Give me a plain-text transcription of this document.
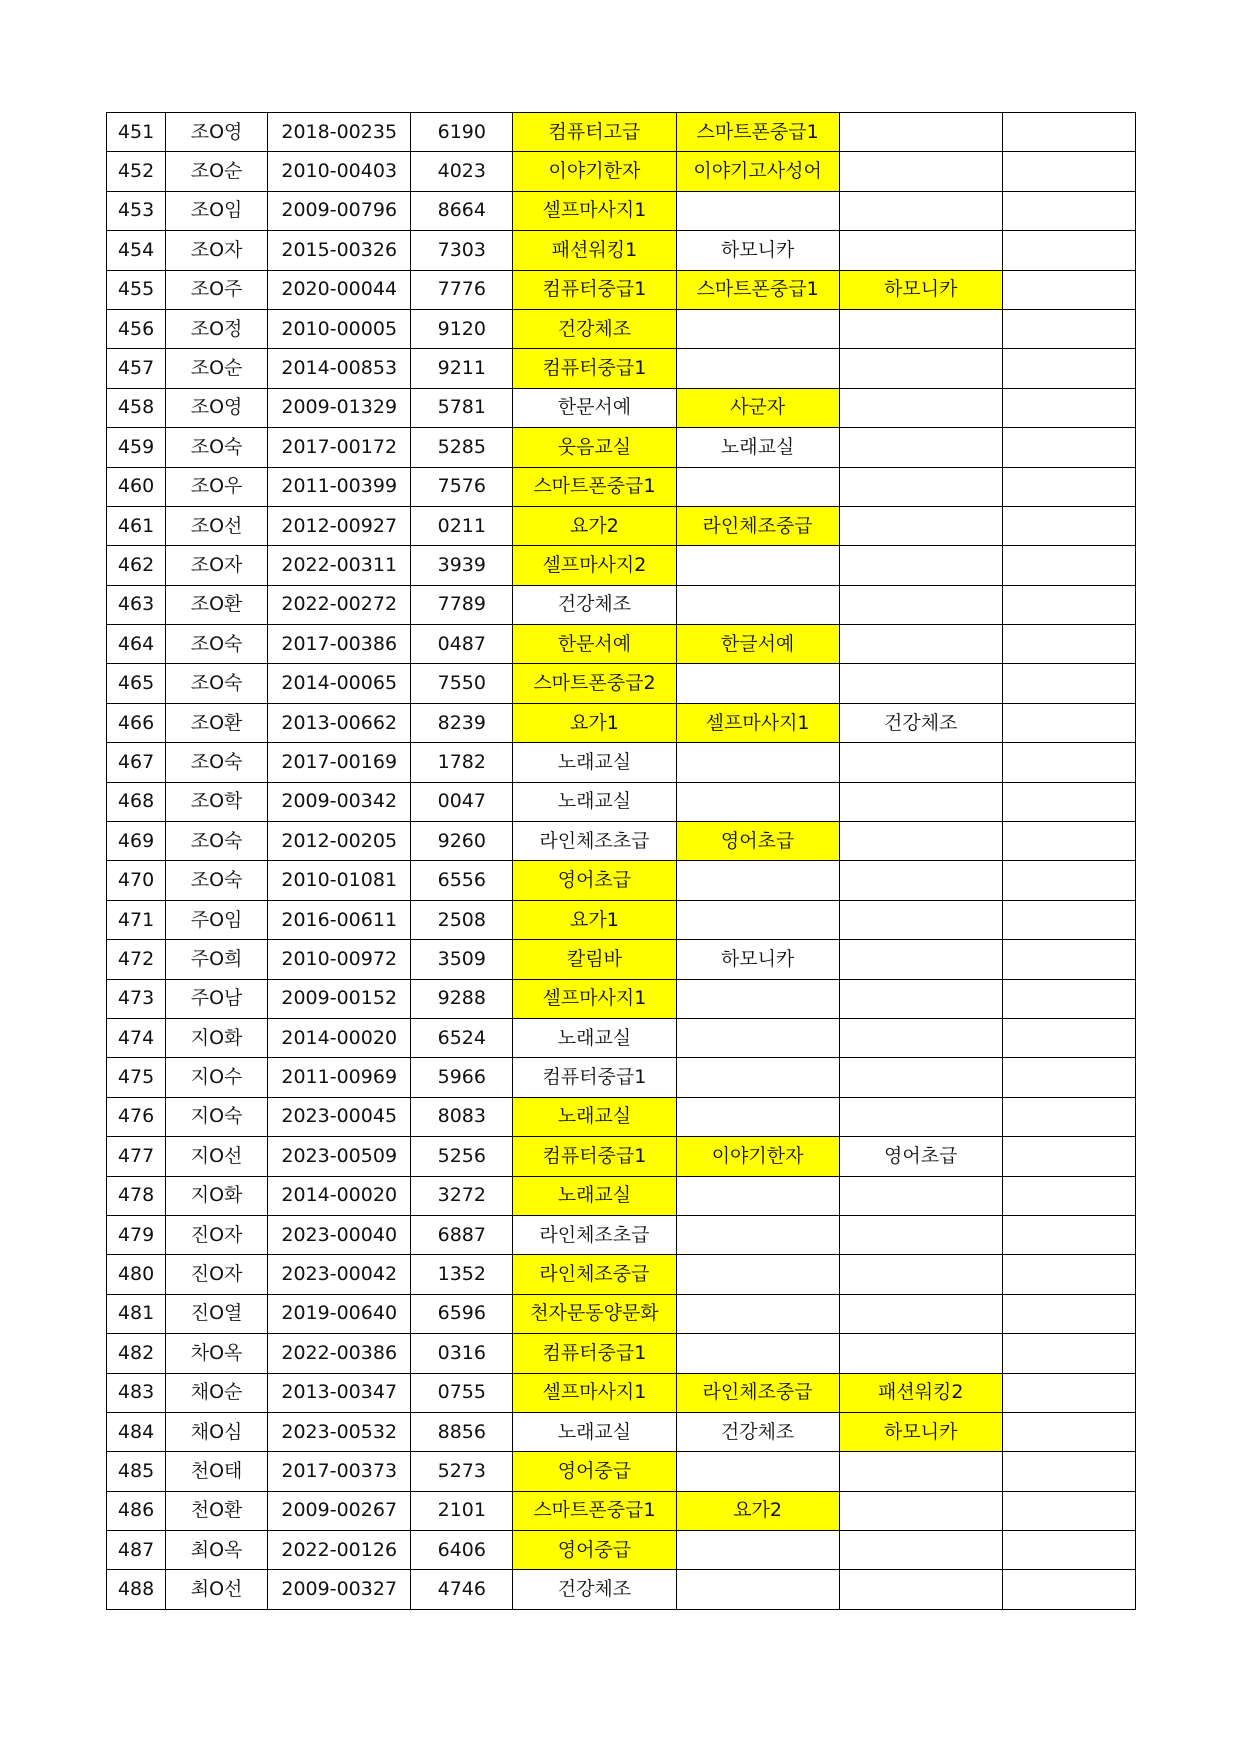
451	조O영	2018-00235	6190	컴퓨터고급	스마트폰중급1		
452	조O순	2010-00403	4023	이야기한자	이야기고사성어		
453	조O임	2009-00796	8664	셀프마사지1			
454	조O자	2015-00326	7303	패션워킹1	하모니카		
455	조O주	2020-00044	7776	컴퓨터중급1	스마트폰중급1	하모니카	
456	조O정	2010-00005	9120	건강체조			
457	조O순	2014-00853	9211	컴퓨터중급1			
458	조O영	2009-01329	5781	한문서예	사군자		
459	조O숙	2017-00172	5285	웃음교실	노래교실		
460	조O우	2011-00399	7576	스마트폰중급1			
461	조O선	2012-00927	0211	요가2	라인체조중급		
462	조O자	2022-00311	3939	셀프마사지2			
463	조O환	2022-00272	7789	건강체조			
464	조O숙	2017-00386	0487	한문서예	한글서예		
465	조O숙	2014-00065	7550	스마트폰중급2			
466	조O환	2013-00662	8239	요가1	셀프마사지1	건강체조	
467	조O숙	2017-00169	1782	노래교실			
468	조O학	2009-00342	0047	노래교실			
469	조O숙	2012-00205	9260	라인체조초급	영어초급		
470	조O숙	2010-01081	6556	영어초급			
471	주O임	2016-00611	2508	요가1			
472	주O희	2010-00972	3509	칼림바	하모니카		
473	주O남	2009-00152	9288	셀프마사지1			
474	지O화	2014-00020	6524	노래교실			
475	지O수	2011-00969	5966	컴퓨터중급1			
476	지O숙	2023-00045	8083	노래교실			
477	지O선	2023-00509	5256	컴퓨터중급1	이야기한자	영어초급	
478	지O화	2014-00020	3272	노래교실			
479	진O자	2023-00040	6887	라인체조초급			
480	진O자	2023-00042	1352	라인체조중급			
481	진O열	2019-00640	6596	천자문동양문화			
482	차O옥	2022-00386	0316	컴퓨터중급1			
483	채O순	2013-00347	0755	셀프마사지1	라인체조중급	패션워킹2	
484	채O심	2023-00532	8856	노래교실	건강체조	하모니카	
485	천O태	2017-00373	5273	영어중급			
486	천O환	2009-00267	2101	스마트폰중급1	요가2		
487	최O옥	2022-00126	6406	영어중급			
488	최O선	2009-00327	4746	건강체조			
